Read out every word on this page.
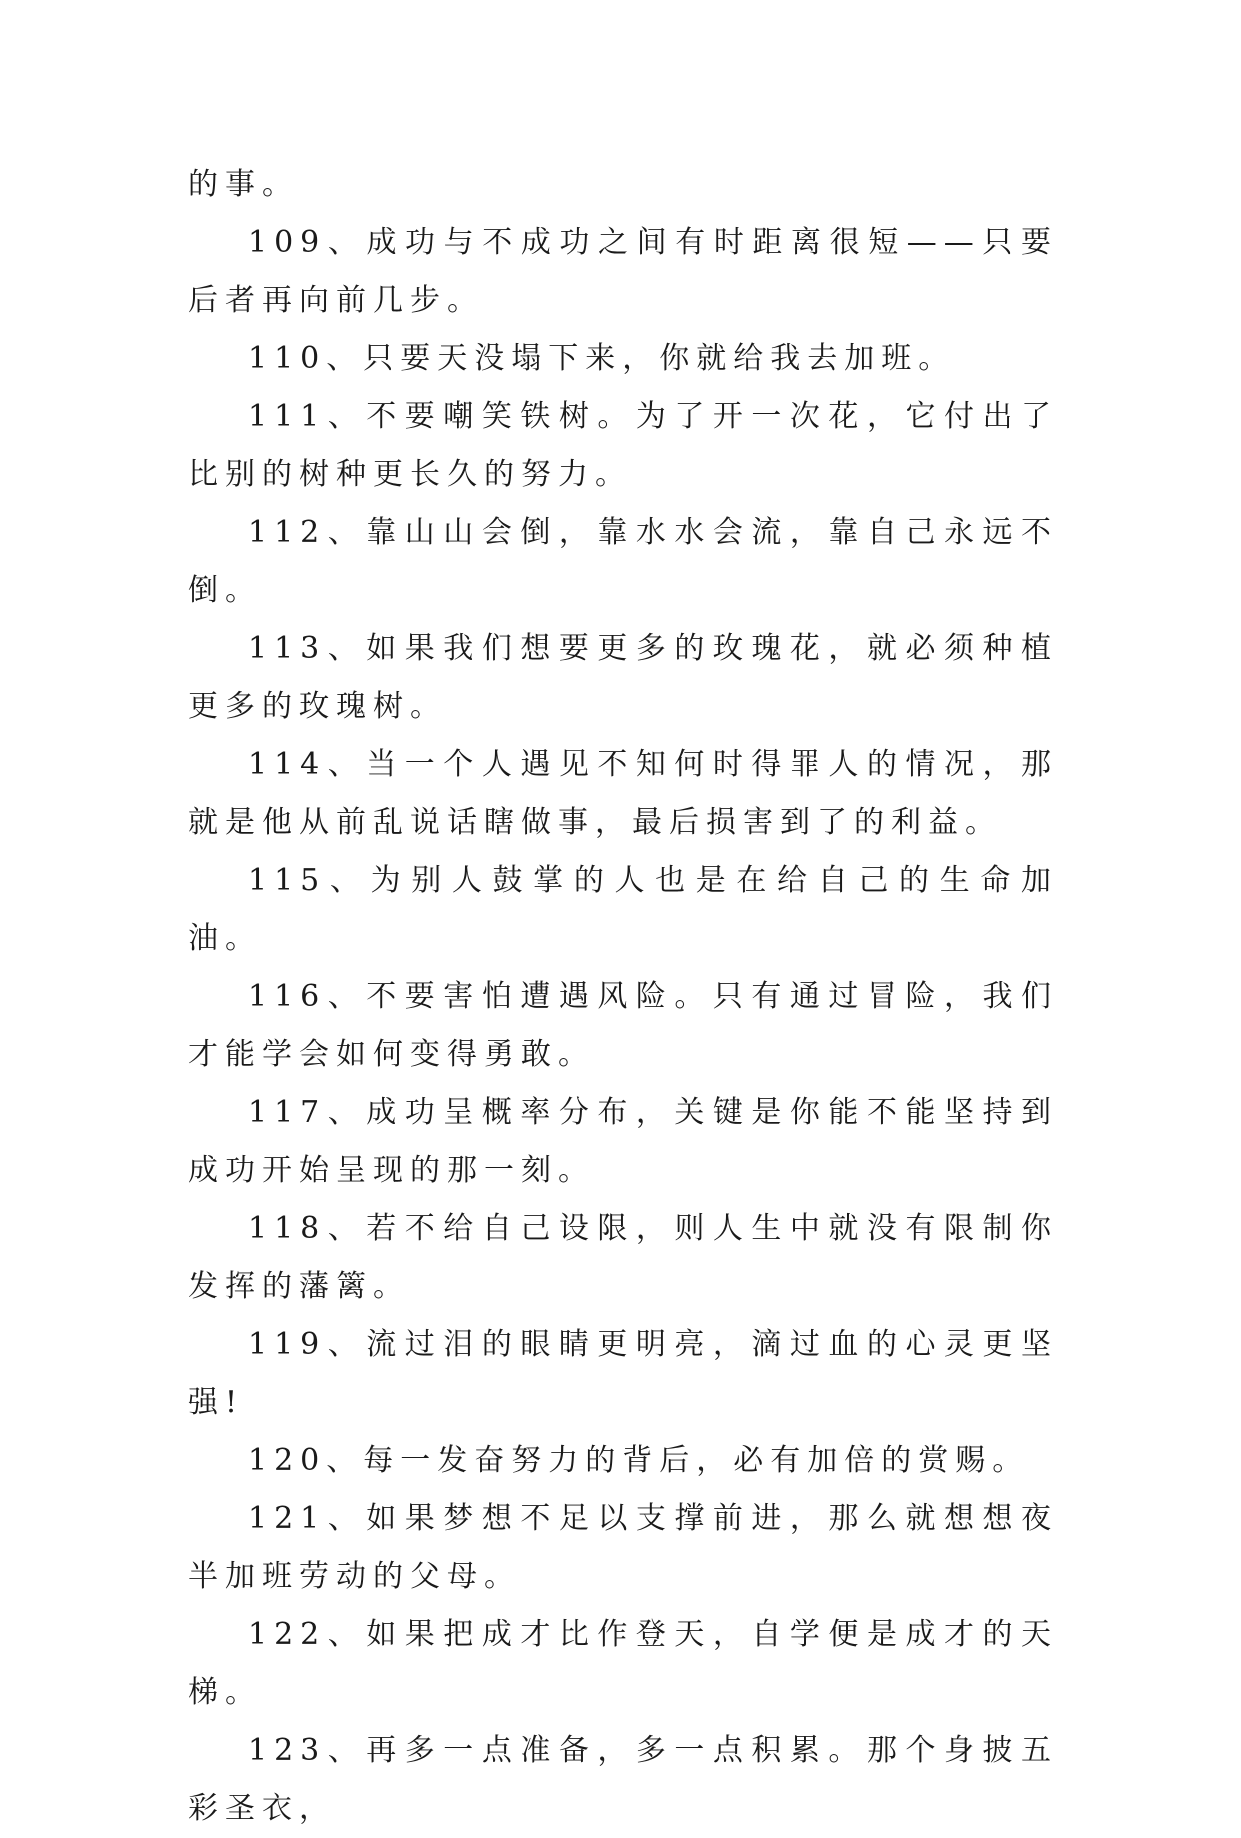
的事。

109、成功与不成功之间有时距离很短——只要后者再向前几步。

110、只要天没塌下来，你就给我去加班。

111、不要嘲笑铁树。为了开一次花，它付出了比别的树种更长久的努力。

112、靠山山会倒，靠水水会流，靠自己永远不倒。

113、如果我们想要更多的玫瑰花，就必须种植更多的玫瑰树。

114、当一个人遇见不知何时得罪人的情况，那就是他从前乱说话瞎做事，最后损害到了的利益。

115、为别人鼓掌的人也是在给自己的生命加油。

116、不要害怕遭遇风险。只有通过冒险，我们才能学会如何变得勇敢。

117、成功呈概率分布，关键是你能不能坚持到成功开始呈现的那一刻。

118、若不给自己设限，则人生中就没有限制你发挥的藩篱。

119、流过泪的眼睛更明亮，滴过血的心灵更坚强!

120、每一发奋努力的背后，必有加倍的赏赐。

121、如果梦想不足以支撑前进，那么就想想夜半加班劳动的父母。

122、如果把成才比作登天，自学便是成才的天梯。

123、再多一点准备，多一点积累。那个身披五彩圣衣，
